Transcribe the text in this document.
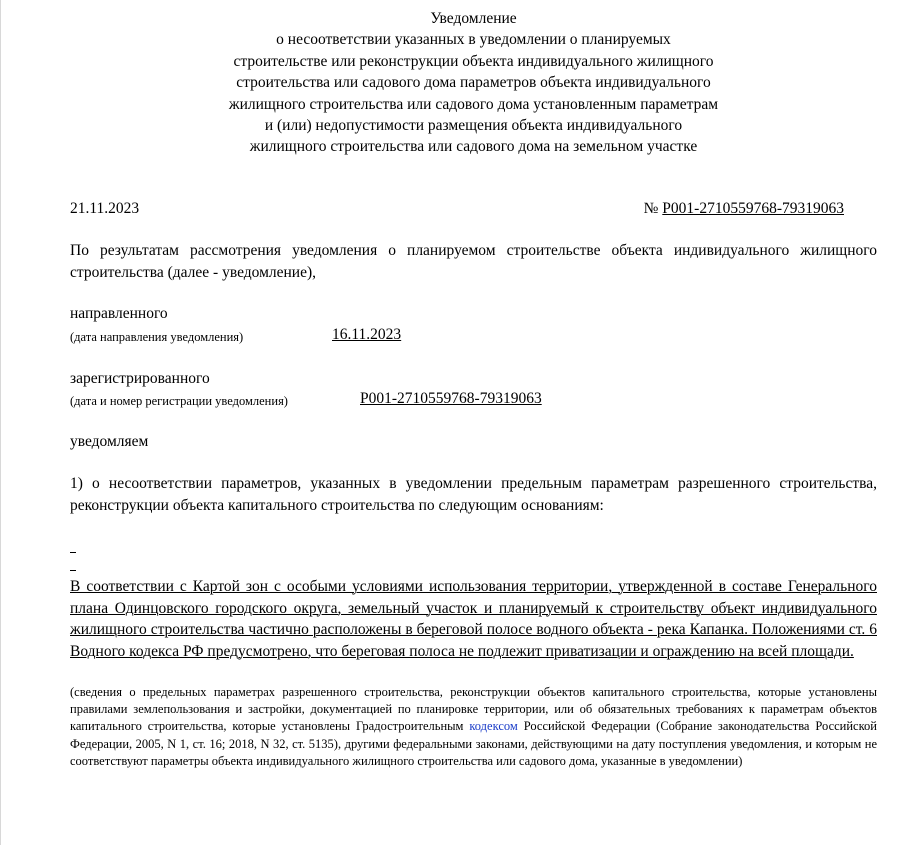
Уведомление
о несоответствии указанных в уведомлении о планируемых
строительстве или реконструкции объекта индивидуального жилищного
строительства или садового дома параметров объекта индивидуального
жилищного строительства или садового дома установленным параметрам
и (или) недопустимости размещения объекта индивидуального
жилищного строительства или садового дома на земельном участке
21.11.2023	№ P001-2710559768-79319063
По результатам рассмотрения уведомления о планируемом строительстве объекта индивидуального жилищного строительства (далее - уведомление),
направленного
(дата направления уведомления)	16.11.2023
зарегистрированного
(дата и номер регистрации уведомления)	P001-2710559768-79319063
уведомляем
1) о несоответствии параметров, указанных в уведомлении предельным параметрам разрешенного строительства, реконструкции объекта капитального строительства по следующим основаниям:
В соответствии с Картой зон с особыми условиями использования территории, утвержденной в составе Генерального плана Одинцовского городского округа, земельный участок и планируемый к строительству объект индивидуального жилищного строительства частично расположены в береговой полосе водного объекта - река Капанка. Положениями ст. 6 Водного кодекса РФ предусмотрено, что береговая полоса не подлежит приватизации и ограждению на всей площади.
(сведения о предельных параметрах разрешенного строительства, реконструкции объектов капитального строительства, которые установлены правилами землепользования и застройки, документацией по планировке территории, или об обязательных требованиях к параметрам объектов капитального строительства, которые установлены Градостроительным кодексом Российской Федерации (Собрание законодательства Российской Федерации, 2005, N 1, ст. 16; 2018, N 32, ст. 5135), другими федеральными законами, действующими на дату поступления уведомления, и которым не соответствуют параметры объекта индивидуального жилищного строительства или садового дома, указанные в уведомлении)
